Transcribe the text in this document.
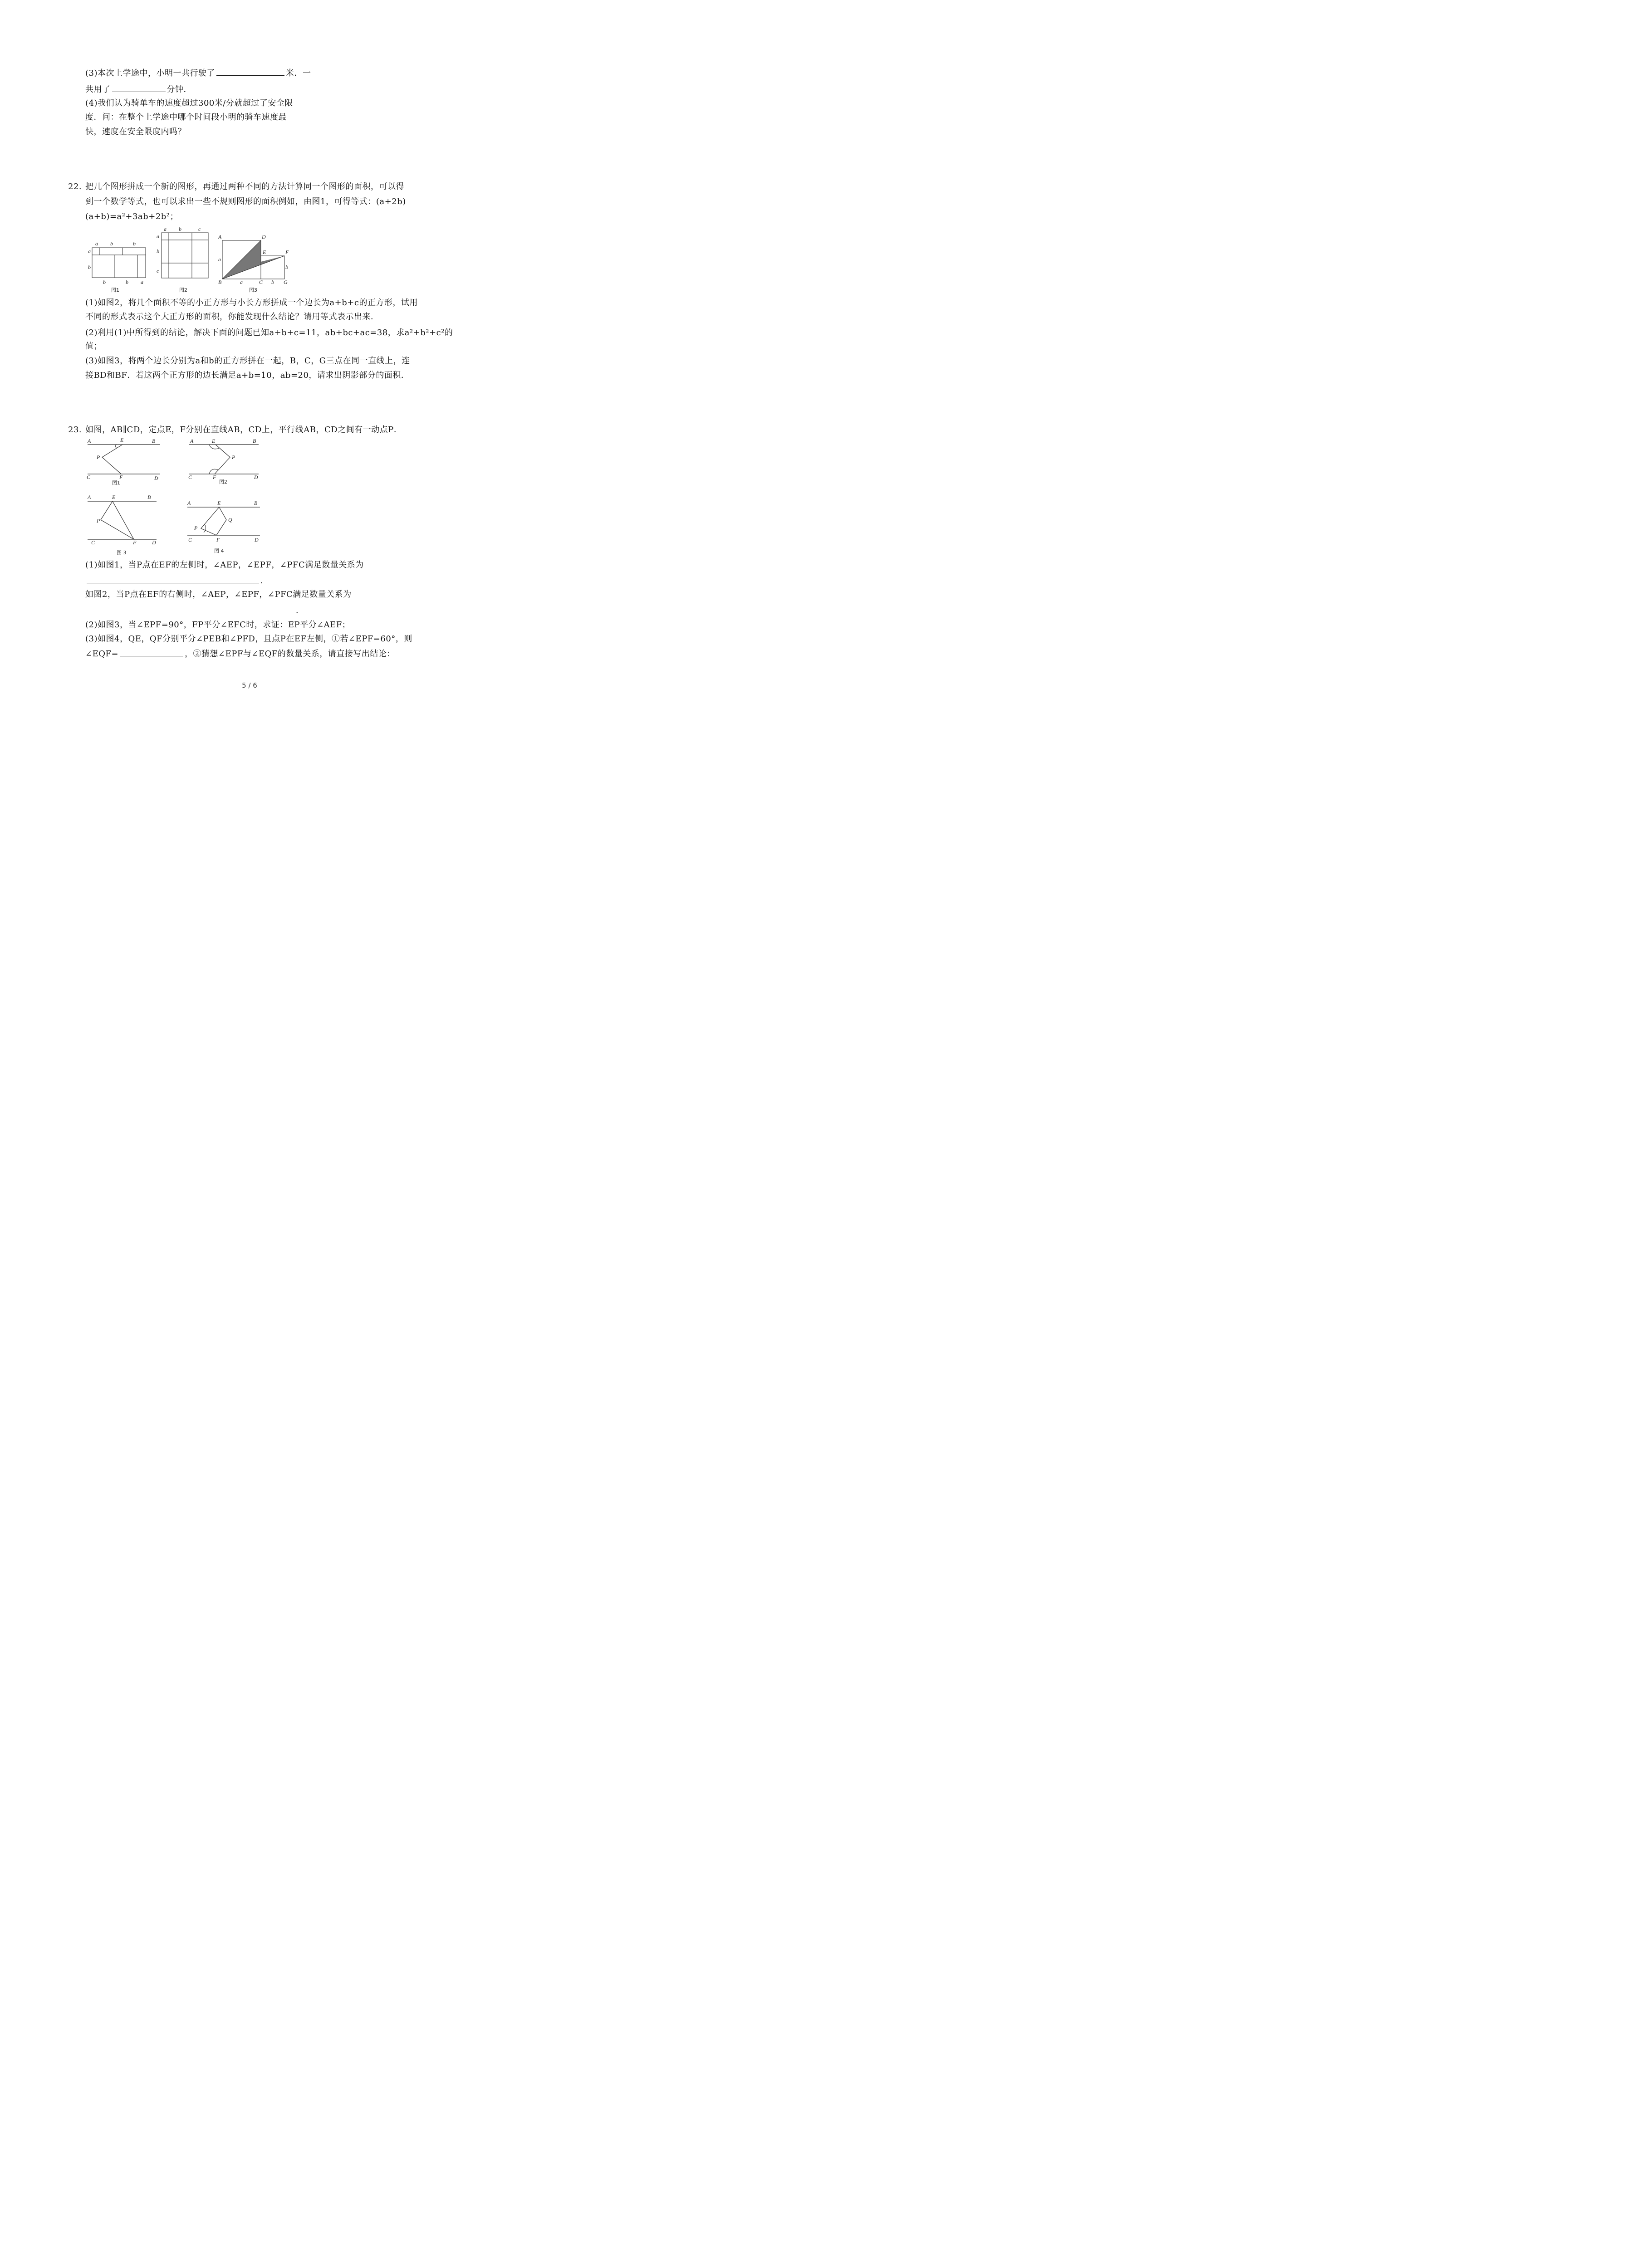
(3)本次上学途中，小明一共行驶了	米．一
共用了	分钟．
(4)我们认为骑单车的速度超过300米/分就超过了安全限
度．问：在整个上学途中哪个时间段小明的骑车速度最
快，速度在安全限度内吗？
22. 把几个图形拼成一个新的图形，再通过两种不同的方法计算同一个图形的面积，可以得
到一个数学等式，也可以求出一些不规则图形的面积例如，由图1，可得等式：(a+2b)
(a+b)=a²+3ab+2b²；
a b	b
a
b
b	b a
图1
a b	c
a
b
c
图2
A	D
E	F
B	C	G
a
a
b
b
图3
(1)如图2，将几个面积不等的小正方形与小长方形拼成一个边长为a+b+c的正方形，试用
不同的形式表示这个大正方形的面积，你能发现什么结论？请用等式表示出来．
(2)利用(1)中所得到的结论，解决下面的问题已知a+b+c=11，ab+bc+ac=38，求a²+b²+c²的
值；
(3)如图3，将两个边长分别为a和b的正方形拼在一起，B，C，G三点在同一直线上，连
接BD和BF．若这两个正方形的边长满足a+b=10，ab=20，请求出阴影部分的面积．
23. 如图，AB∥CD，定点E，F分别在直线AB，CD上，平行线AB，CD之间有一动点P．
A	E	B
P
C	F	D
图1
A	E	B
P
C	F	D
图2
A	E	B
P
C	F	D
图 3
A	E	B
Q
P
C	F	D
图 4
(1)如图1，当P点在EF的左侧时，∠AEP，∠EPF，∠PFC满足数量关系为
．
如图2，当P点在EF的右侧时，∠AEP，∠EPF，∠PFC满足数量关系为
．
(2)如图3，当∠EPF=90°，FP平分∠EFC时，求证：EP平分∠AEF；
(3)如图4，QE，QF分别平分∠PEB和∠PFD，且点P在EF左侧，①若∠EPF=60°，则
∠EQF=	，②猜想∠EPF与∠EQF的数量关系，请直接写出结论：
5 / 6
